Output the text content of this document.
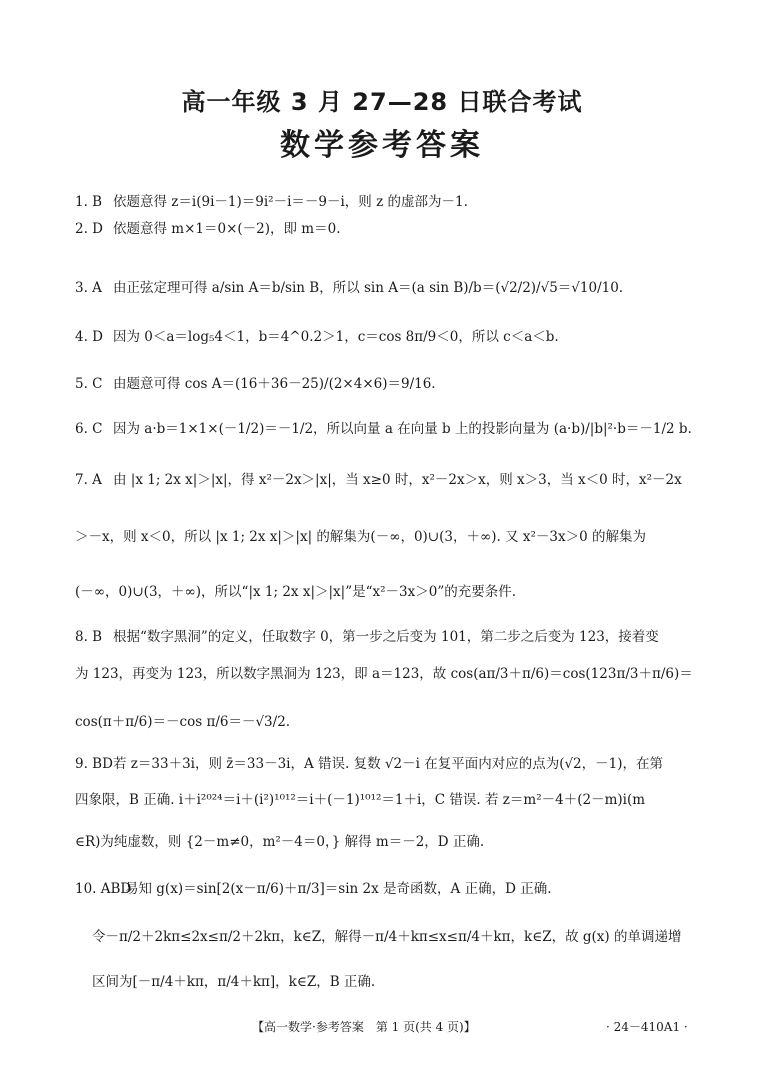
高一年级 3 月 27—28 日联合考试
数学参考答案
1. B 依题意得 z＝i(9i－1)＝9i²－i＝－9－i，则 z 的虚部为－1.
2. D 依题意得 m×1＝0×(－2)，即 m＝0.
3. A 由正弦定理可得 a/sin A＝b/sin B，所以 sin A＝(a sin B)/b＝(√2/2)/√5＝√10/10.
4. D 因为 0＜a＝log₅4＜1，b＝4^0.2＞1，c＝cos 8π/9＜0，所以 c＜a＜b.
5. C 由题意可得 cos A＝(16＋36－25)/(2×4×6)＝9/16.
6. C 因为 a·b＝1×1×(－1/2)＝－1/2，所以向量 a 在向量 b 上的投影向量为 (a·b)/|b|²·b＝－1/2 b.
7. A 由 |x 1; 2x x|＞|x|，得 x²－2x＞|x|，当 x≥0 时，x²－2x＞x，则 x＞3，当 x＜0 时，x²－2x
＞－x，则 x＜0，所以 |x 1; 2x x|＞|x| 的解集为(－∞，0)∪(3，＋∞). 又 x²－3x＞0 的解集为
(－∞，0)∪(3，＋∞)，所以“|x 1; 2x x|＞|x|”是“x²－3x＞0”的充要条件.
8. B 根据“数字黑洞”的定义，任取数字 0，第一步之后变为 101，第二步之后变为 123，接着变
为 123，再变为 123，所以数字黑洞为 123，即 a＝123，故 cos(aπ/3＋π/6)＝cos(123π/3＋π/6)＝
cos(π＋π/6)＝－cos π/6＝－√3/2.
9. BD若 z＝33＋3i，则 z̄＝33－3i，A 错误. 复数 √2－i 在复平面内对应的点为(√2，－1)，在第
四象限，B 正确. i＋i²⁰²⁴＝i＋(i²)¹⁰¹²＝i＋(－1)¹⁰¹²＝1＋i，C 错误. 若 z＝m²－4＋(2－m)i(m
∈R)为纯虚数，则 {2－m≠0，m²－4＝0，} 解得 m＝－2，D 正确.
10. ABD易知 g(x)＝sin[2(x－π/6)＋π/3]＝sin 2x 是奇函数，A 正确，D 正确.
令－π/2＋2kπ≤2x≤π/2＋2kπ，k∈Z，解得－π/4＋kπ≤x≤π/4＋kπ，k∈Z，故 g(x) 的单调递增
区间为[－π/4＋kπ，π/4＋kπ]，k∈Z，B 正确.
【高一数学·参考答案　第 1 页(共 4 页)】	· 24－410A1 ·
